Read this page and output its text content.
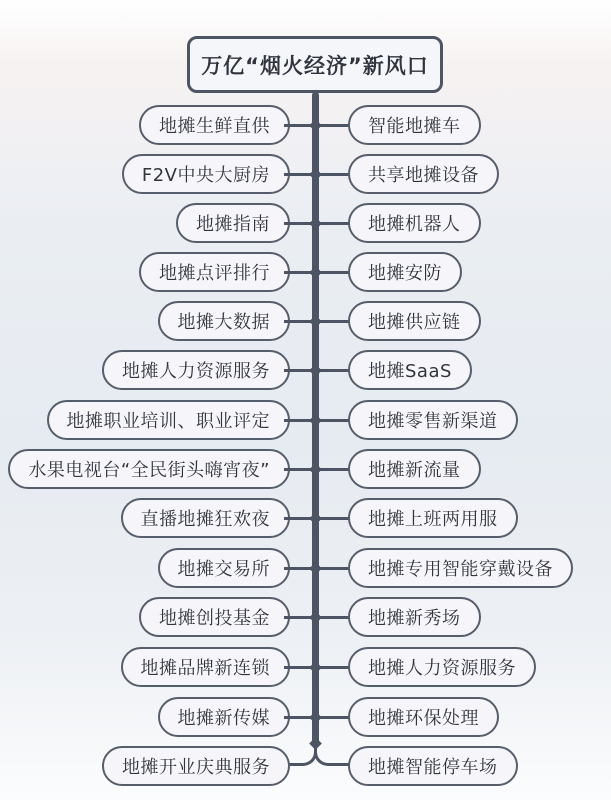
万亿“烟火经济”新风口
地摊生鲜直供	智能地摊车
F2V中央大厨房	共享地摊设备
地摊指南	地摊机器人
地摊点评排行	地摊安防
地摊大数据	地摊供应链
地摊人力资源服务	地摊SaaS
地摊职业培训、职业评定	地摊零售新渠道
水果电视台“全民街头嗨宵夜”	地摊新流量
直播地摊狂欢夜	地摊上班两用服
地摊交易所	地摊专用智能穿戴设备
地摊创投基金	地摊新秀场
地摊品牌新连锁	地摊人力资源服务
地摊新传媒	地摊环保处理
地摊开业庆典服务	地摊智能停车场
